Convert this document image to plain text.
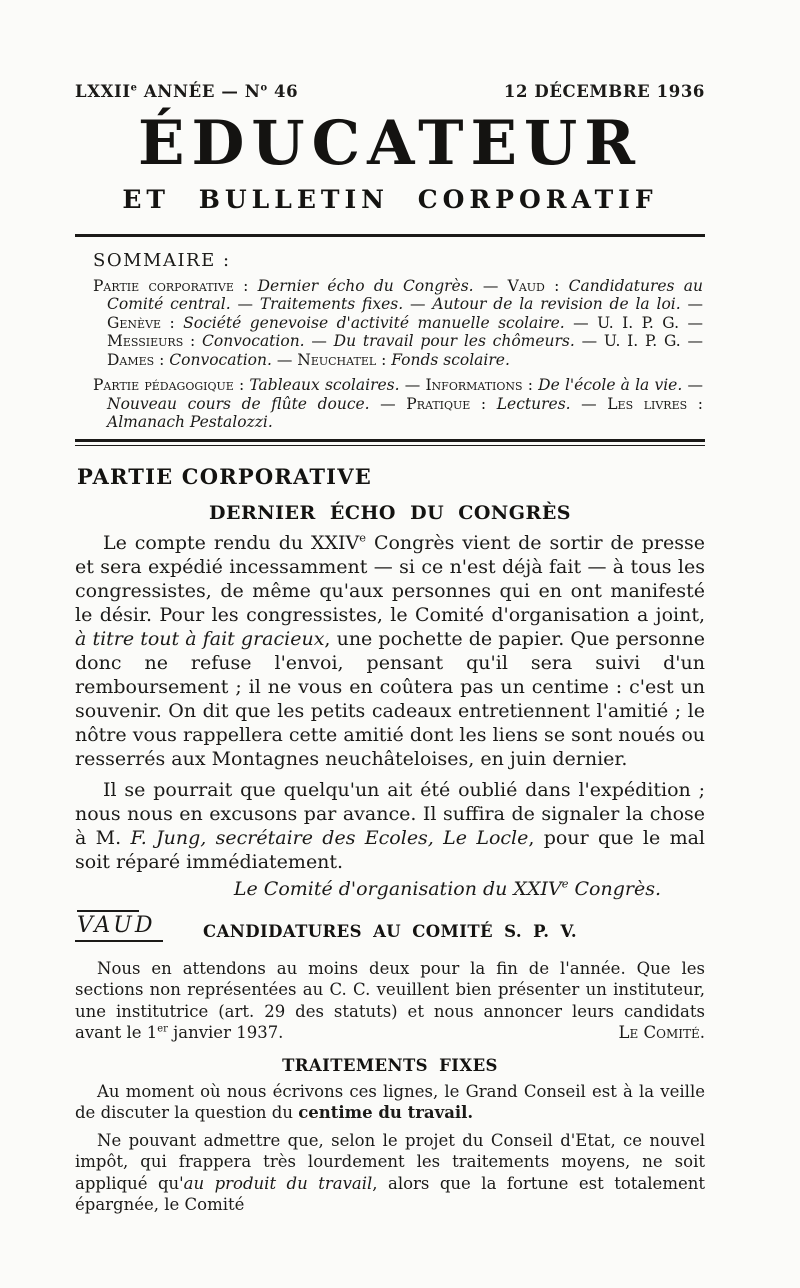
LXXIIe ANNÉE — $N^o$ 46	12 DÉCEMBRE 1936
ÉDUCATEUR
ET BULLETIN CORPORATIF
SOMMAIRE :

Partie corporative : Dernier écho du Congrès. — Vaud : Candidatures au Comité central. — Traitements fixes. — Autour de la revision de la loi. — Genève : Société genevoise d'activité manuelle scolaire. — U. I. P. G. — Messieurs : Convocation. — Du travail pour les chômeurs. — U. I. P. G. — Dames : Convocation. — Neuchatel : Fonds scolaire.

Partie pédagogique : Tableaux scolaires. — Informations : De l'école à la vie. — Nouveau cours de flûte douce. — Pratique : Lectures. — Les livres : Almanach Pestalozzi.

PARTIE CORPORATIVE
DERNIER ÉCHO DU CONGRÈS

Le compte rendu du XXIVe Congrès vient de sortir de presse et sera expédié incessamment — si ce n'est déjà fait — à tous les congressistes, de même qu'aux personnes qui en ont manifesté le désir. Pour les congressistes, le Comité d'organisation a joint, à titre tout à fait gracieux, une pochette de papier. Que personne donc ne refuse l'envoi, pensant qu'il sera suivi d'un remboursement ; il ne vous en coûtera pas un centime : c'est un souvenir. On dit que les petits cadeaux entretiennent l'amitié ; le nôtre vous rappellera cette amitié dont les liens se sont noués ou resserrés aux Montagnes neuchâteloises, en juin dernier.

Il se pourrait que quelqu'un ait été oublié dans l'expédition ; nous nous en excusons par avance. Il suffira de signaler la chose à M. F. Jung, secrétaire des Ecoles, Le Locle, pour que le mal soit réparé immédiatement.

Le Comité d'organisation du XXIVe Congrès.
VAUD	CANDIDATURES AU COMITÉ S. P. V.

Nous en attendons au moins deux pour la fin de l'année. Que les sections non représentées au C. C. veuillent bien présenter un instituteur, une institutrice (art. 29 des statuts) et nous annoncer leurs candidats avant le 1er janvier 1937.	Le Comité.

TRAITEMENTS FIXES

Au moment où nous écrivons ces lignes, le Grand Conseil est à la veille de discuter la question du centime du travail.

Ne pouvant admettre que, selon le projet du Conseil d'Etat, ce nouvel impôt, qui frappera très lourdement les traitements moyens, ne soit appliqué qu'au produit du travail, alors que la fortune est totalement épargnée, le Comité
